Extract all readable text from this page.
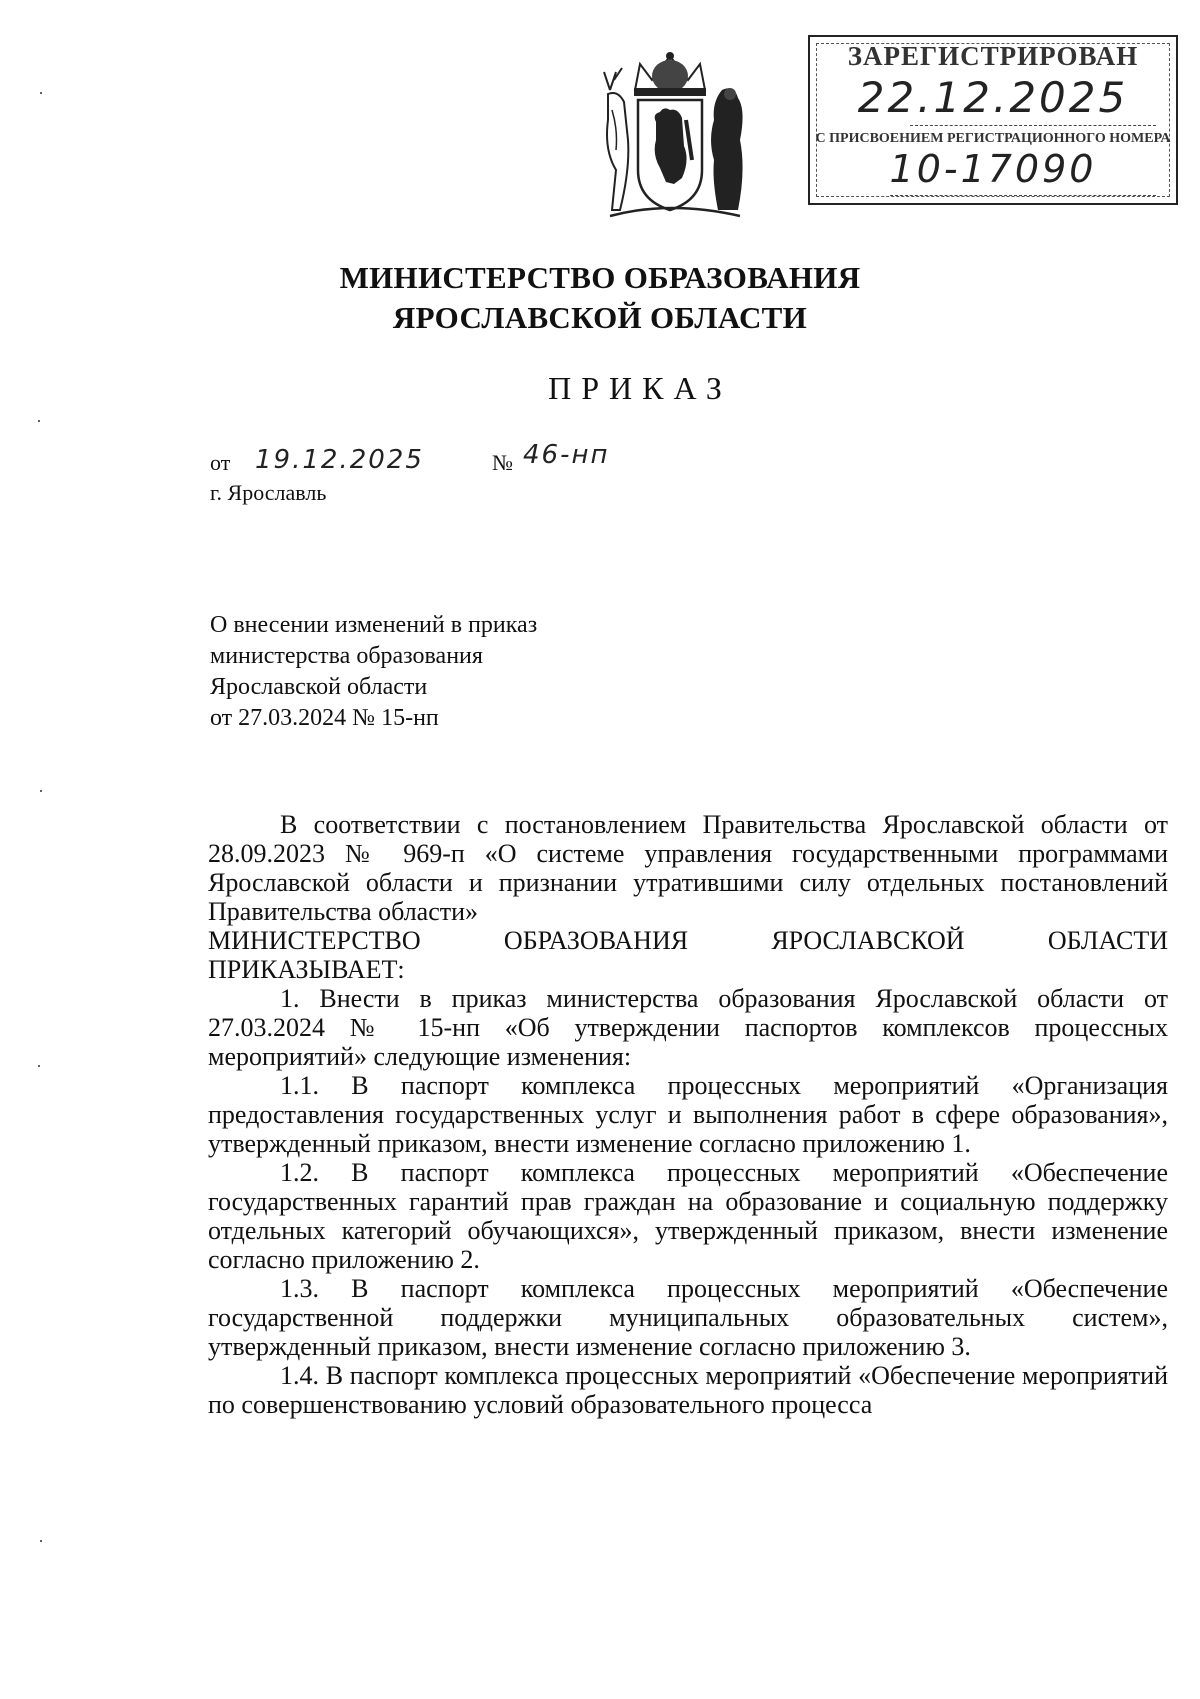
ЗАРЕГИСТРИРОВАН
22.12.2025
С ПРИСВОЕНИЕМ РЕГИСТРАЦИОННОГО НОМЕРА
10-17090
МИНИСТЕРСТВО ОБРАЗОВАНИЯ
ЯРОСЛАВСКОЙ ОБЛАСТИ
ПРИКАЗ
от 19.12.2025	№ 46-нп
г. Ярославль
О внесении изменений в приказ
министерства образования
Ярославской области
от 27.03.2024 № 15-нп

В соответствии с постановлением Правительства Ярославской области от 28.09.2023 № 969-п «О системе управления государственными программами Ярославской области и признании утратившими силу отдельных постановлений Правительства области»

МИНИСТЕРСТВО ОБРАЗОВАНИЯ ЯРОСЛАВСКОЙ ОБЛАСТИ

ПРИКАЗЫВАЕТ:

1. Внести в приказ министерства образования Ярославской области от 27.03.2024 № 15-нп «Об утверждении паспортов комплексов процессных мероприятий» следующие изменения:

1.1. В паспорт комплекса процессных мероприятий «Организация предоставления государственных услуг и выполнения работ в сфере образования», утвержденный приказом, внести изменение согласно приложению 1.

1.2. В паспорт комплекса процессных мероприятий «Обеспечение государственных гарантий прав граждан на образование и социальную поддержку отдельных категорий обучающихся», утвержденный приказом, внести изменение согласно приложению 2.

1.3. В паспорт комплекса процессных мероприятий «Обеспечение государственной поддержки муниципальных образовательных систем», утвержденный приказом, внести изменение согласно приложению 3.

1.4. В паспорт комплекса процессных мероприятий «Обеспечение мероприятий по совершенствованию условий образовательного процесса
